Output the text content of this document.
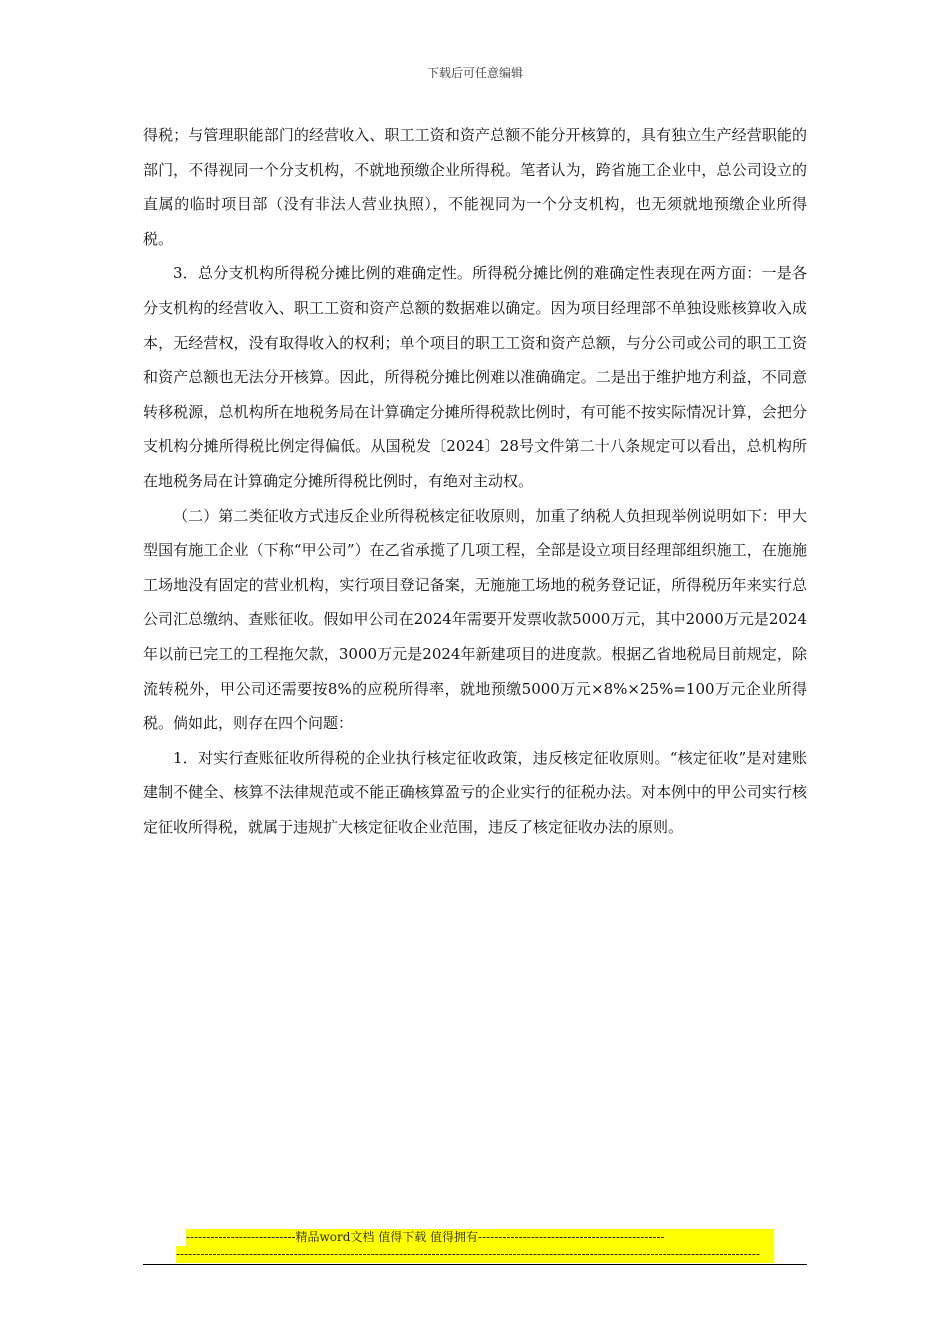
下载后可任意编辑

得税；与管理职能部门的经营收入、职工工资和资产总额不能分开核算的，具有独立生产经营职能的部门，不得视同一个分支机构，不就地预缴企业所得税。笔者认为，跨省施工企业中，总公司设立的直属的临时项目部（没有非法人营业执照），不能视同为一个分支机构，也无须就地预缴企业所得税。

3．总分支机构所得税分摊比例的难确定性。所得税分摊比例的难确定性表现在两方面：一是各分支机构的经营收入、职工工资和资产总额的数据难以确定。因为项目经理部不单独设账核算收入成本，无经营权，没有取得收入的权利；单个项目的职工工资和资产总额，与分公司或公司的职工工资和资产总额也无法分开核算。因此，所得税分摊比例难以准确确定。二是出于维护地方利益，不同意转移税源，总机构所在地税务局在计算确定分摊所得税款比例时，有可能不按实际情况计算，会把分支机构分摊所得税比例定得偏低。从国税发〔2024〕28号文件第二十八条规定可以看出，总机构所在地税务局在计算确定分摊所得税比例时，有绝对主动权。

（二）第二类征收方式违反企业所得税核定征收原则，加重了纳税人负担现举例说明如下：甲大型国有施工企业（下称“甲公司”）在乙省承揽了几项工程，全部是设立项目经理部组织施工，在施施工场地没有固定的营业机构，实行项目登记备案，无施施工场地的税务登记证，所得税历年来实行总公司汇总缴纳、查账征收。假如甲公司在2024年需要开发票收款5000万元，其中2000万元是2024年以前已完工的工程拖欠款，3000万元是2024年新建项目的进度款。根据乙省地税局目前规定，除流转税外，甲公司还需要按8%的应税所得率，就地预缴5000万元×8%×25%=100万元企业所得税。倘如此，则存在四个问题：

1．对实行查账征收所得税的企业执行核定征收政策，违反核定征收原则。“核定征收”是对建账建制不健全、核算不法律规范或不能正确核算盈亏的企业实行的征税办法。对本例中的甲公司实行核定征收所得税，就属于违规扩大核定征收企业范围，违反了核定征收办法的原则。

---------------------------精品word文档 值得下载 值得拥有----------------------------------------------
------------------------------------------------------------------------------------------------------------------------------------------------
